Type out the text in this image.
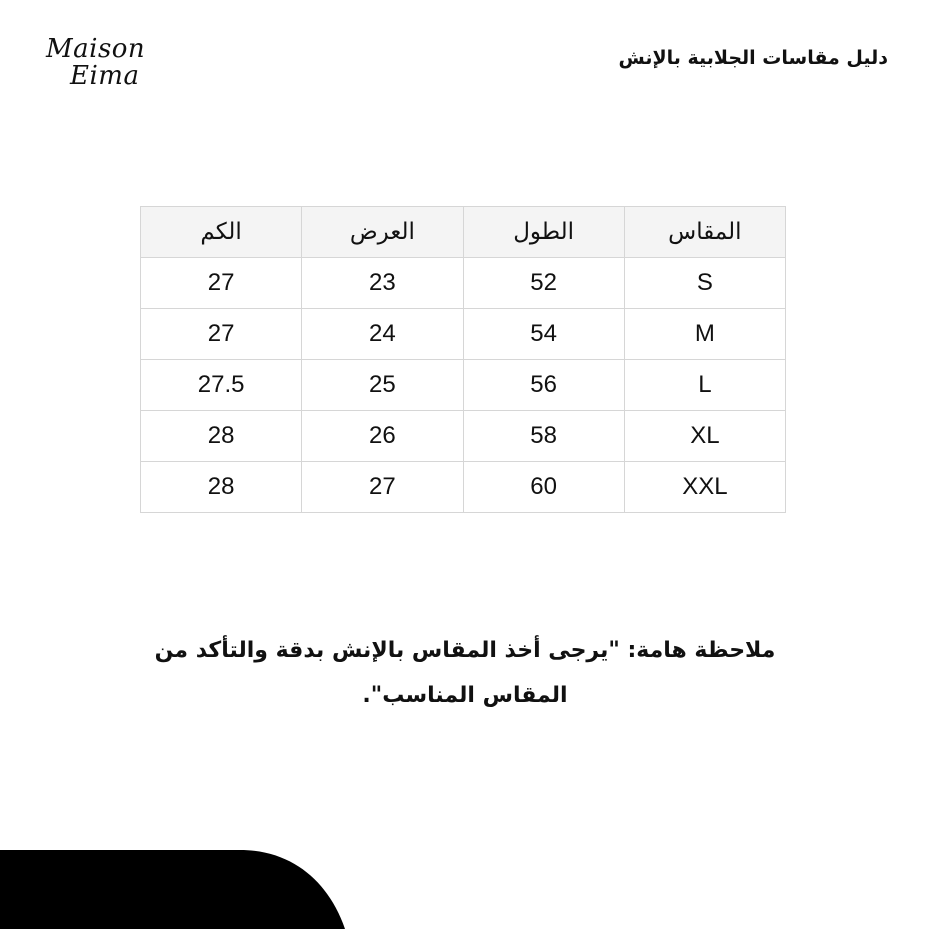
Maison
Eima
دليل مقاسات الجلابية بالإنش
المقاس	الطول	العرض	الكم
S	52	23	27
M	54	24	27
L	56	25	27.5
XL	58	26	28
XXL	60	27	28
ملاحظة هامة: "يرجى أخذ المقاس بالإنش بدقة والتأكد من المقاس المناسب".
